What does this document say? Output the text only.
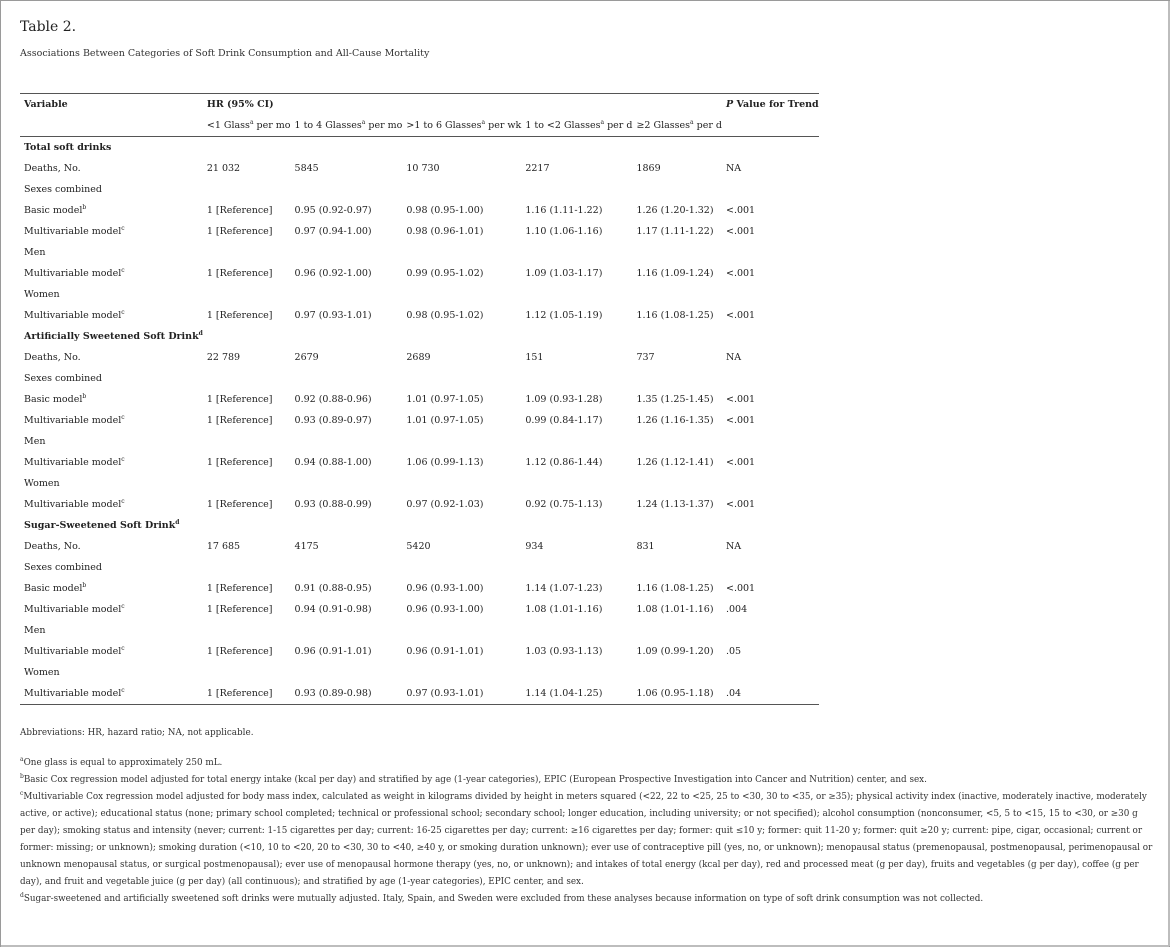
Table 2.
Associations Between Categories of Soft Drink Consumption and All-Cause Mortality
Variable	HR (95% CI)					P Value for Trend
	<1 Glass$^a$ per mo	1 to 4 Glasses$^a$ per mo	>1 to 6 Glasses$^a$ per wk	1 to <2 Glasses$^a$ per d	≥2 Glasses$^a$ per d	
Total soft drinks						
Deaths, No.	21 032	5845	10 730	2217	1869	NA
Sexes combined						
Basic model$^b$	1 [Reference]	0.95 (0.92-0.97)	0.98 (0.95-1.00)	1.16 (1.11-1.22)	1.26 (1.20-1.32)	<.001
Multivariable model$^c$	1 [Reference]	0.97 (0.94-1.00)	0.98 (0.96-1.01)	1.10 (1.06-1.16)	1.17 (1.11-1.22)	<.001
Men						
Multivariable model$^c$	1 [Reference]	0.96 (0.92-1.00)	0.99 (0.95-1.02)	1.09 (1.03-1.17)	1.16 (1.09-1.24)	<.001
Women						
Multivariable model$^c$	1 [Reference]	0.97 (0.93-1.01)	0.98 (0.95-1.02)	1.12 (1.05-1.19)	1.16 (1.08-1.25)	<.001
Artificially Sweetened Soft Drink$^d$						
Deaths, No.	22 789	2679	2689	151	737	NA
Sexes combined						
Basic model$^b$	1 [Reference]	0.92 (0.88-0.96)	1.01 (0.97-1.05)	1.09 (0.93-1.28)	1.35 (1.25-1.45)	<.001
Multivariable model$^c$	1 [Reference]	0.93 (0.89-0.97)	1.01 (0.97-1.05)	0.99 (0.84-1.17)	1.26 (1.16-1.35)	<.001
Men						
Multivariable model$^c$	1 [Reference]	0.94 (0.88-1.00)	1.06 (0.99-1.13)	1.12 (0.86-1.44)	1.26 (1.12-1.41)	<.001
Women						
Multivariable model$^c$	1 [Reference]	0.93 (0.88-0.99)	0.97 (0.92-1.03)	0.92 (0.75-1.13)	1.24 (1.13-1.37)	<.001
Sugar-Sweetened Soft Drink$^d$						
Deaths, No.	17 685	4175	5420	934	831	NA
Sexes combined						
Basic model$^b$	1 [Reference]	0.91 (0.88-0.95)	0.96 (0.93-1.00)	1.14 (1.07-1.23)	1.16 (1.08-1.25)	<.001
Multivariable model$^c$	1 [Reference]	0.94 (0.91-0.98)	0.96 (0.93-1.00)	1.08 (1.01-1.16)	1.08 (1.01-1.16)	.004
Men						
Multivariable model$^c$	1 [Reference]	0.96 (0.91-1.01)	0.96 (0.91-1.01)	1.03 (0.93-1.13)	1.09 (0.99-1.20)	.05
Women						
Multivariable model$^c$	1 [Reference]	0.93 (0.89-0.98)	0.97 (0.93-1.01)	1.14 (1.04-1.25)	1.06 (0.95-1.18)	.04

Abbreviations: HR, hazard ratio; NA, not applicable.

$^a$One glass is equal to approximately 250 mL.

$^b$Basic Cox regression model adjusted for total energy intake (kcal per day) and stratified by age (1-year categories), EPIC (European Prospective Investigation into Cancer and Nutrition) center, and sex.

$^c$Multivariable Cox regression model adjusted for body mass index, calculated as weight in kilograms divided by height in meters squared (<22, 22 to <25, 25 to <30, 30 to <35, or ≥35); physical activity index (inactive, moderately inactive, moderately active, or active); educational status (none; primary school completed; technical or professional school; secondary school; longer education, including university; or not specified); alcohol consumption (nonconsumer, <5, 5 to <15, 15 to <30, or ≥30 g per day); smoking status and intensity (never; current: 1-15 cigarettes per day; current: 16-25 cigarettes per day; current: ≥16 cigarettes per day; former: quit ≤10 y; former: quit 11-20 y; former: quit ≥20 y; current: pipe, cigar, occasional; current or former: missing; or unknown); smoking duration (<10, 10 to <20, 20 to <30, 30 to <40, ≥40 y, or smoking duration unknown); ever use of contraceptive pill (yes, no, or unknown); menopausal status (premenopausal, postmenopausal, perimenopausal or unknown menopausal status, or surgical postmenopausal); ever use of menopausal hormone therapy (yes, no, or unknown); and intakes of total energy (kcal per day), red and processed meat (g per day), fruits and vegetables (g per day), coffee (g per day), and fruit and vegetable juice (g per day) (all continuous); and stratified by age (1-year categories), EPIC center, and sex.

$^d$Sugar-sweetened and artificially sweetened soft drinks were mutually adjusted. Italy, Spain, and Sweden were excluded from these analyses because information on type of soft drink consumption was not collected.
